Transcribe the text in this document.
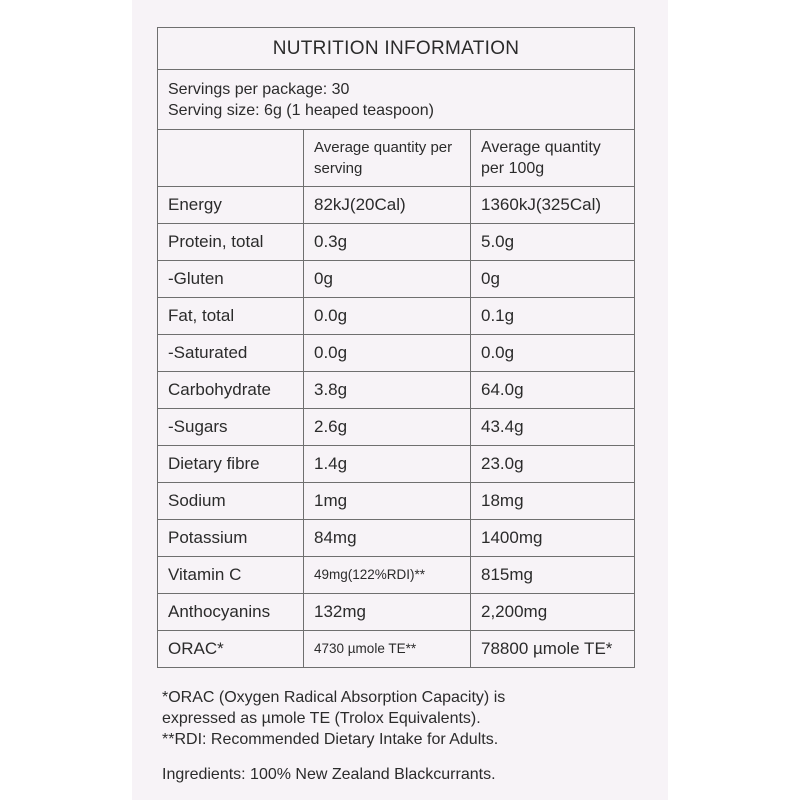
NUTRITION INFORMATION		

Servings per package: 30
Serving size: 6g (1 heaped teaspoon)		

	Average quantity per serving	Average quantity per 100g
Energy	82kJ(20Cal)	1360kJ(325Cal)
Protein, total	0.3g	5.0g
-Gluten	0g	0g
Fat, total	0.0g	0.1g
-Saturated	0.0g	0.0g
Carbohydrate	3.8g	64.0g
-Sugars	2.6g	43.4g
Dietary fibre	1.4g	23.0g
Sodium	1mg	18mg
Potassium	84mg	1400mg
Vitamin C	49mg(122%RDI)**	815mg
Anthocyanins	132mg	2,200mg
ORAC*	4730 µmole TE**	78800 µmole TE*
*ORAC (Oxygen Radical Absorption Capacity) is
expressed as µmole TE (Trolox Equivalents).
**RDI: Recommended Dietary Intake for Adults.
Ingredients: 100% New Zealand Blackcurrants.
